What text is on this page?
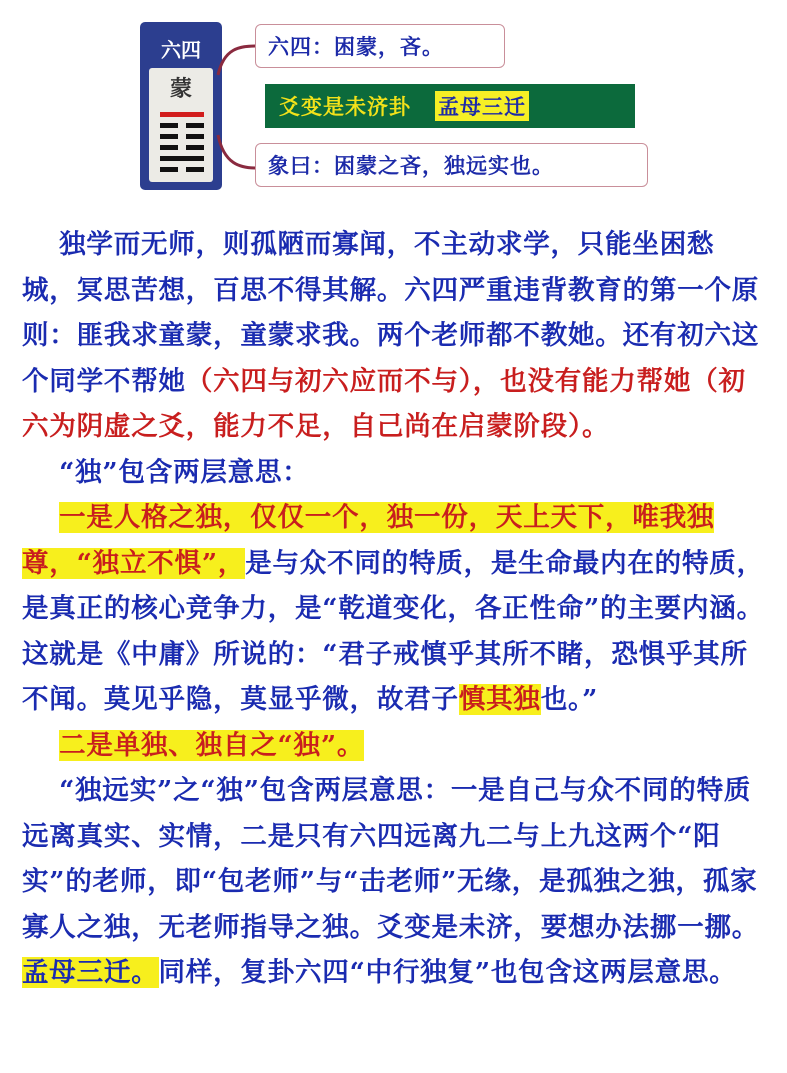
六四
蒙
六四：困蒙，吝。
爻变是未济卦 孟母三迁
象曰：困蒙之吝，独远实也。

独学而无师，则孤陋而寡闻，不主动求学，只能坐困愁城，冥思苦想，百思不得其解。六四严重违背教育的第一个原则：匪我求童蒙，童蒙求我。两个老师都不教她。还有初六这个同学不帮她（六四与初六应而不与），也没有能力帮她（初六为阴虚之爻，能力不足，自己尚在启蒙阶段）。

“独”包含两层意思：

一是人格之独，仅仅一个，独一份，天上天下，唯我独尊，“独立不惧”，是与众不同的特质，是生命最内在的特质，是真正的核心竞争力，是“乾道变化，各正性命”的主要内涵。 这就是《中庸》所说的：“君子戒慎乎其所不睹，恐惧乎其所不闻。莫见乎隐，莫显乎微，故君子慎其独也。”

二是单独、独自之“独”。

“独远实”之“独”包含两层意思：一是自己与众不同的特质远离真实、实情，二是只有六四远离九二与上九这两个“阳实”的老师，即“包老师”与“击老师”无缘，是孤独之独，孤家寡人之独，无老师指导之独。爻变是未济，要想办法挪一挪。

孟母三迁。同样，复卦六四“中行独复”也包含这两层意思。
